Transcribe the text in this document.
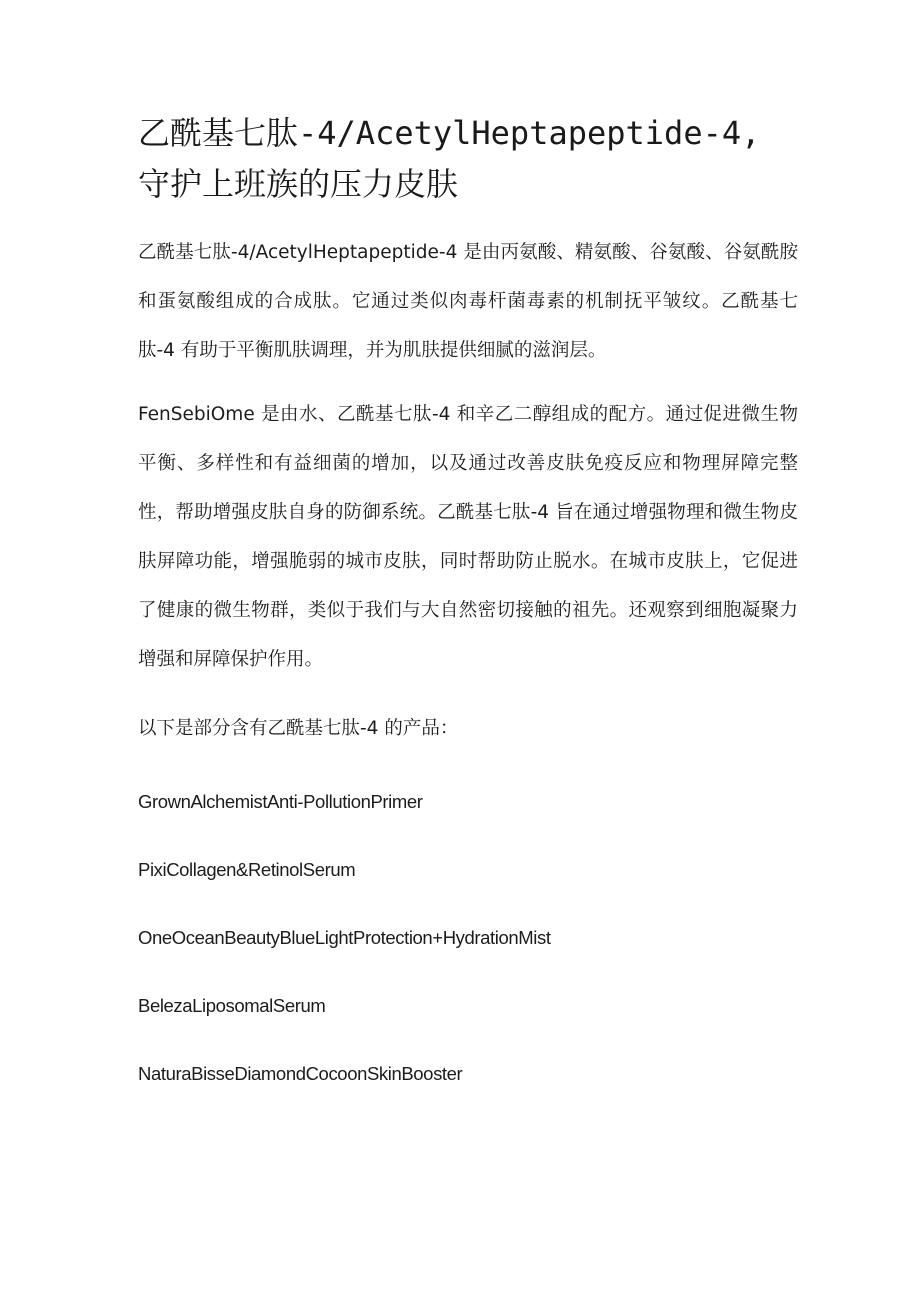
乙酰基七肽-4/AcetylHeptapeptide-4,
守护上班族的压力皮肤

乙酰基七肽-4/AcetylHeptapeptide-4 是由丙氨酸、精氨酸、谷氨酸、谷氨酰胺和蛋氨酸组成的合成肽。它通过类似肉毒杆菌毒素的机制抚平皱纹。乙酰基七肽-4 有助于平衡肌肤调理，并为肌肤提供细腻的滋润层。

FenSebiOme 是由水、乙酰基七肽-4 和辛乙二醇组成的配方。通过促进微生物平衡、多样性和有益细菌的增加，以及通过改善皮肤免疫反应和物理屏障完整性，帮助增强皮肤自身的防御系统。乙酰基七肽-4 旨在通过增强物理和微生物皮肤屏障功能，增强脆弱的城市皮肤，同时帮助防止脱水。在城市皮肤上，它促进了健康的微生物群，类似于我们与大自然密切接触的祖先。还观察到细胞凝聚力增强和屏障保护作用。

以下是部分含有乙酰基七肽-4 的产品：

GrownAlchemistAnti-PollutionPrimer
PixiCollagen&RetinolSerum
OneOceanBeautyBlueLightProtection+HydrationMist
BelezaLiposomalSerum
NaturaBisseDiamondCocoonSkinBooster
